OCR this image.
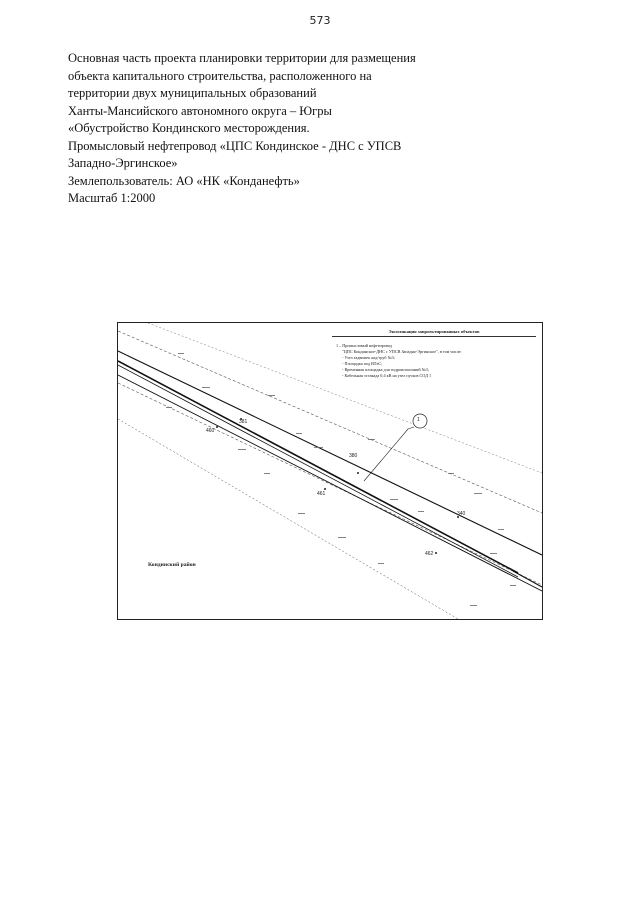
573
Основная часть проекта планировки территории для размещения
объекта капитального строительства, расположенного на
территории двух муниципальных образований
Ханты-Мансийского автономного округа – Югры
«Обустройство Кондинского месторождения.
Промысловый нефтепровод «ЦПС Кондинское - ДНС с УПСВ
Западно-Эргинское»
Землепользователь: АО «НК «Конданефть»
Масштаб 1:2000
Экспликация запроектированных объектов
1 – Промысловый нефтепровод
"ЦПС Кондинское-ДНС с УПСВ Западно-Эргинское", в том числе:
- Узел задвижек кад/труб №3;
- Площадка под ВЛэС;
- Временная площадка для гидроиспытаний №3;
- Кабельная эстакада 0,4 кВ на узел пусков СОД 1
1
381
460
380
461
340
462
Кондинский район
